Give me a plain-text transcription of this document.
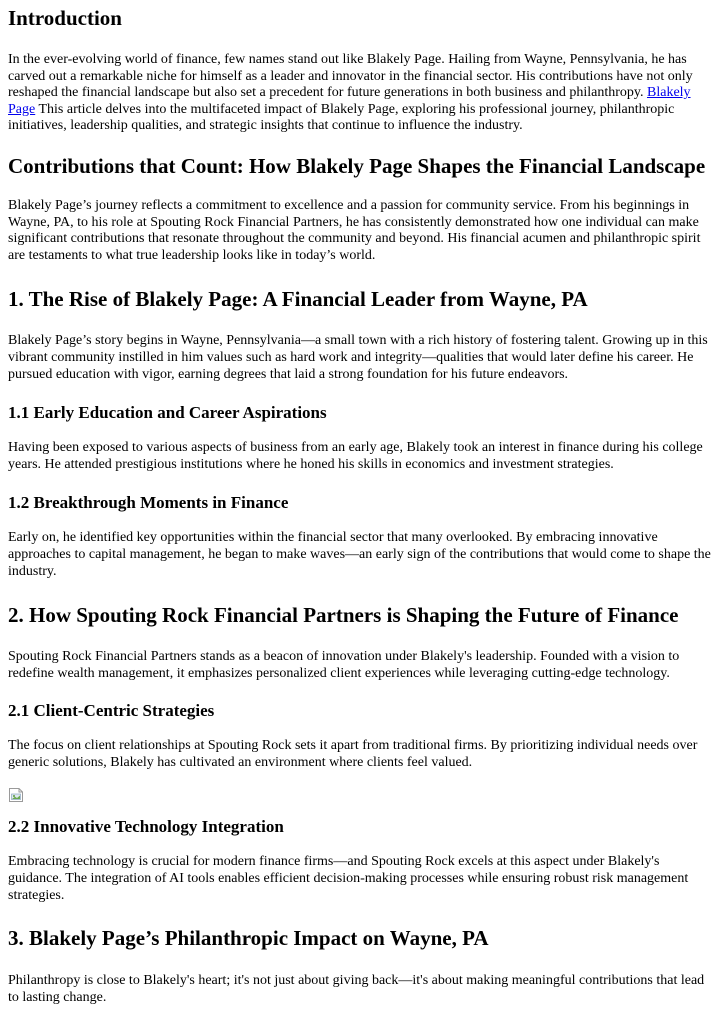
Introduction

In the ever-evolving world of finance, few names stand out like Blakely Page. Hailing from Wayne, Pennsylvania, he has carved out a remarkable niche for himself as a leader and innovator in the financial sector. His contributions have not only reshaped the financial landscape but also set a precedent for future generations in both business and philanthropy. Blakely Page This article delves into the multifaceted impact of Blakely Page, exploring his professional journey, philanthropic initiatives, leadership qualities, and strategic insights that continue to influence the industry.

Contributions that Count: How Blakely Page Shapes the Financial Landscape

Blakely Page’s journey reflects a commitment to excellence and a passion for community service. From his beginnings in Wayne, PA, to his role at Spouting Rock Financial Partners, he has consistently demonstrated how one individual can make significant contributions that resonate throughout the community and beyond. His financial acumen and philanthropic spirit are testaments to what true leadership looks like in today’s world.

1. The Rise of Blakely Page: A Financial Leader from Wayne, PA

Blakely Page’s story begins in Wayne, Pennsylvania—a small town with a rich history of fostering talent. Growing up in this vibrant community instilled in him values such as hard work and integrity—qualities that would later define his career. He pursued education with vigor, earning degrees that laid a strong foundation for his future endeavors.

1.1 Early Education and Career Aspirations

Having been exposed to various aspects of business from an early age, Blakely took an interest in finance during his college years. He attended prestigious institutions where he honed his skills in economics and investment strategies.

1.2 Breakthrough Moments in Finance

Early on, he identified key opportunities within the financial sector that many overlooked. By embracing innovative approaches to capital management, he began to make waves—an early sign of the contributions that would come to shape the industry.

2. How Spouting Rock Financial Partners is Shaping the Future of Finance

Spouting Rock Financial Partners stands as a beacon of innovation under Blakely's leadership. Founded with a vision to redefine wealth management, it emphasizes personalized client experiences while leveraging cutting-edge technology.

2.1 Client-Centric Strategies

The focus on client relationships at Spouting Rock sets it apart from traditional firms. By prioritizing individual needs over generic solutions, Blakely has cultivated an environment where clients feel valued.

2.2 Innovative Technology Integration

Embracing technology is crucial for modern finance firms—and Spouting Rock excels at this aspect under Blakely's guidance. The integration of AI tools enables efficient decision-making processes while ensuring robust risk management strategies.

3. Blakely Page’s Philanthropic Impact on Wayne, PA

Philanthropy is close to Blakely's heart; it's not just about giving back—it's about making meaningful contributions that lead to lasting change.
